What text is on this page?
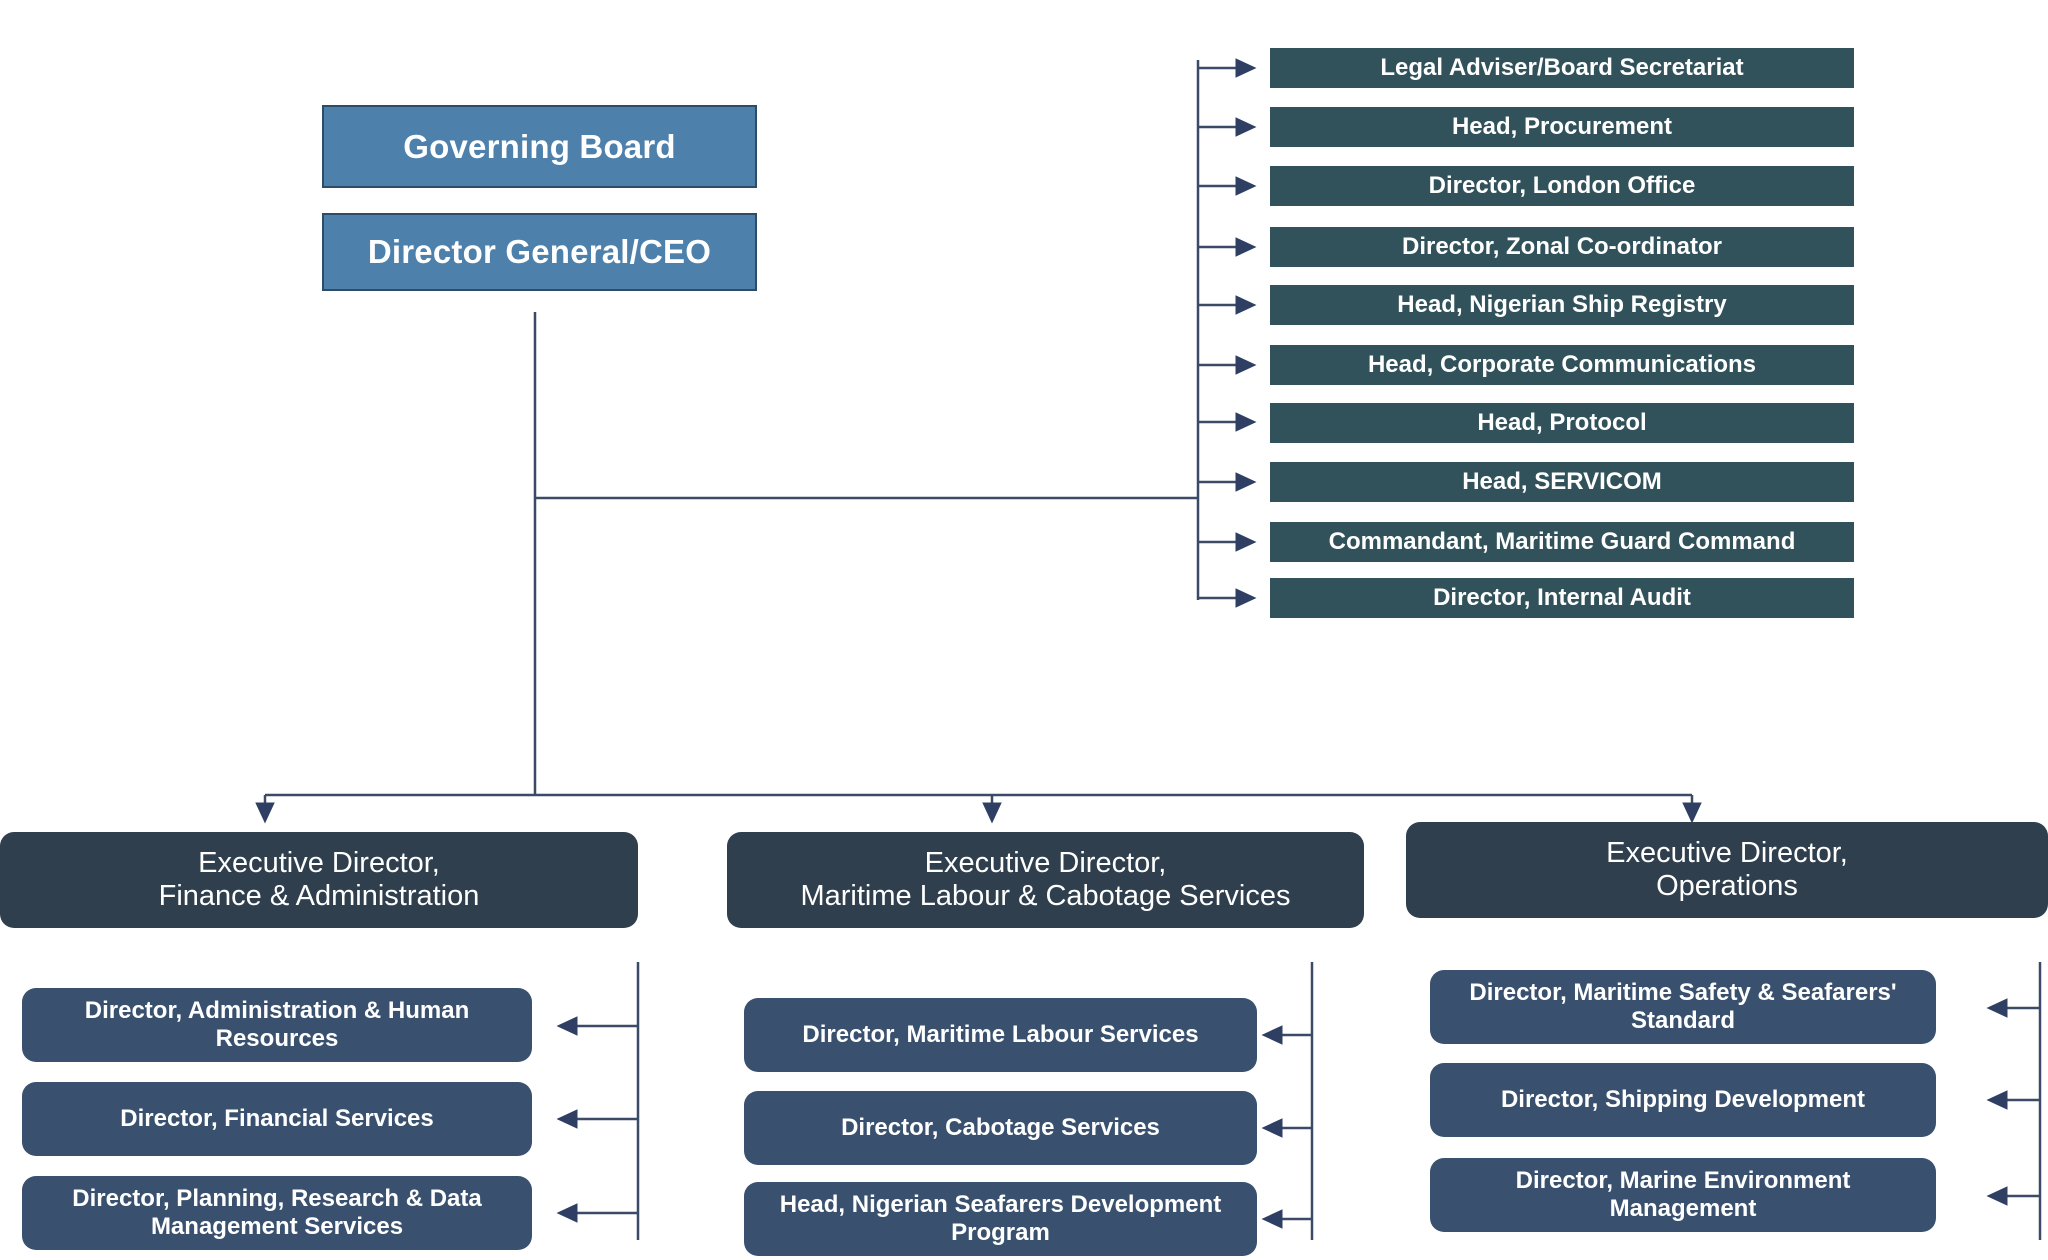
Governing Board
Director General/CEO
Legal Adviser/Board Secretariat
Head, Procurement
Director, London Office
Director, Zonal Co-ordinator
Head, Nigerian Ship Registry
Head, Corporate Communications
Head, Protocol
Head, SERVICOM
Commandant, Maritime Guard Command
Director, Internal Audit
Executive Director,
Finance & Administration
Director, Administration & Human Resources
Director, Financial Services
Director, Planning, Research & Data Management Services
Executive Director,
Maritime Labour & Cabotage Services
Director, Maritime Labour Services
Director, Cabotage Services
Head, Nigerian Seafarers Development Program
Executive Director,
Operations
Director, Maritime Safety & Seafarers' Standard
Director, Shipping Development
Director, Marine Environment Management
